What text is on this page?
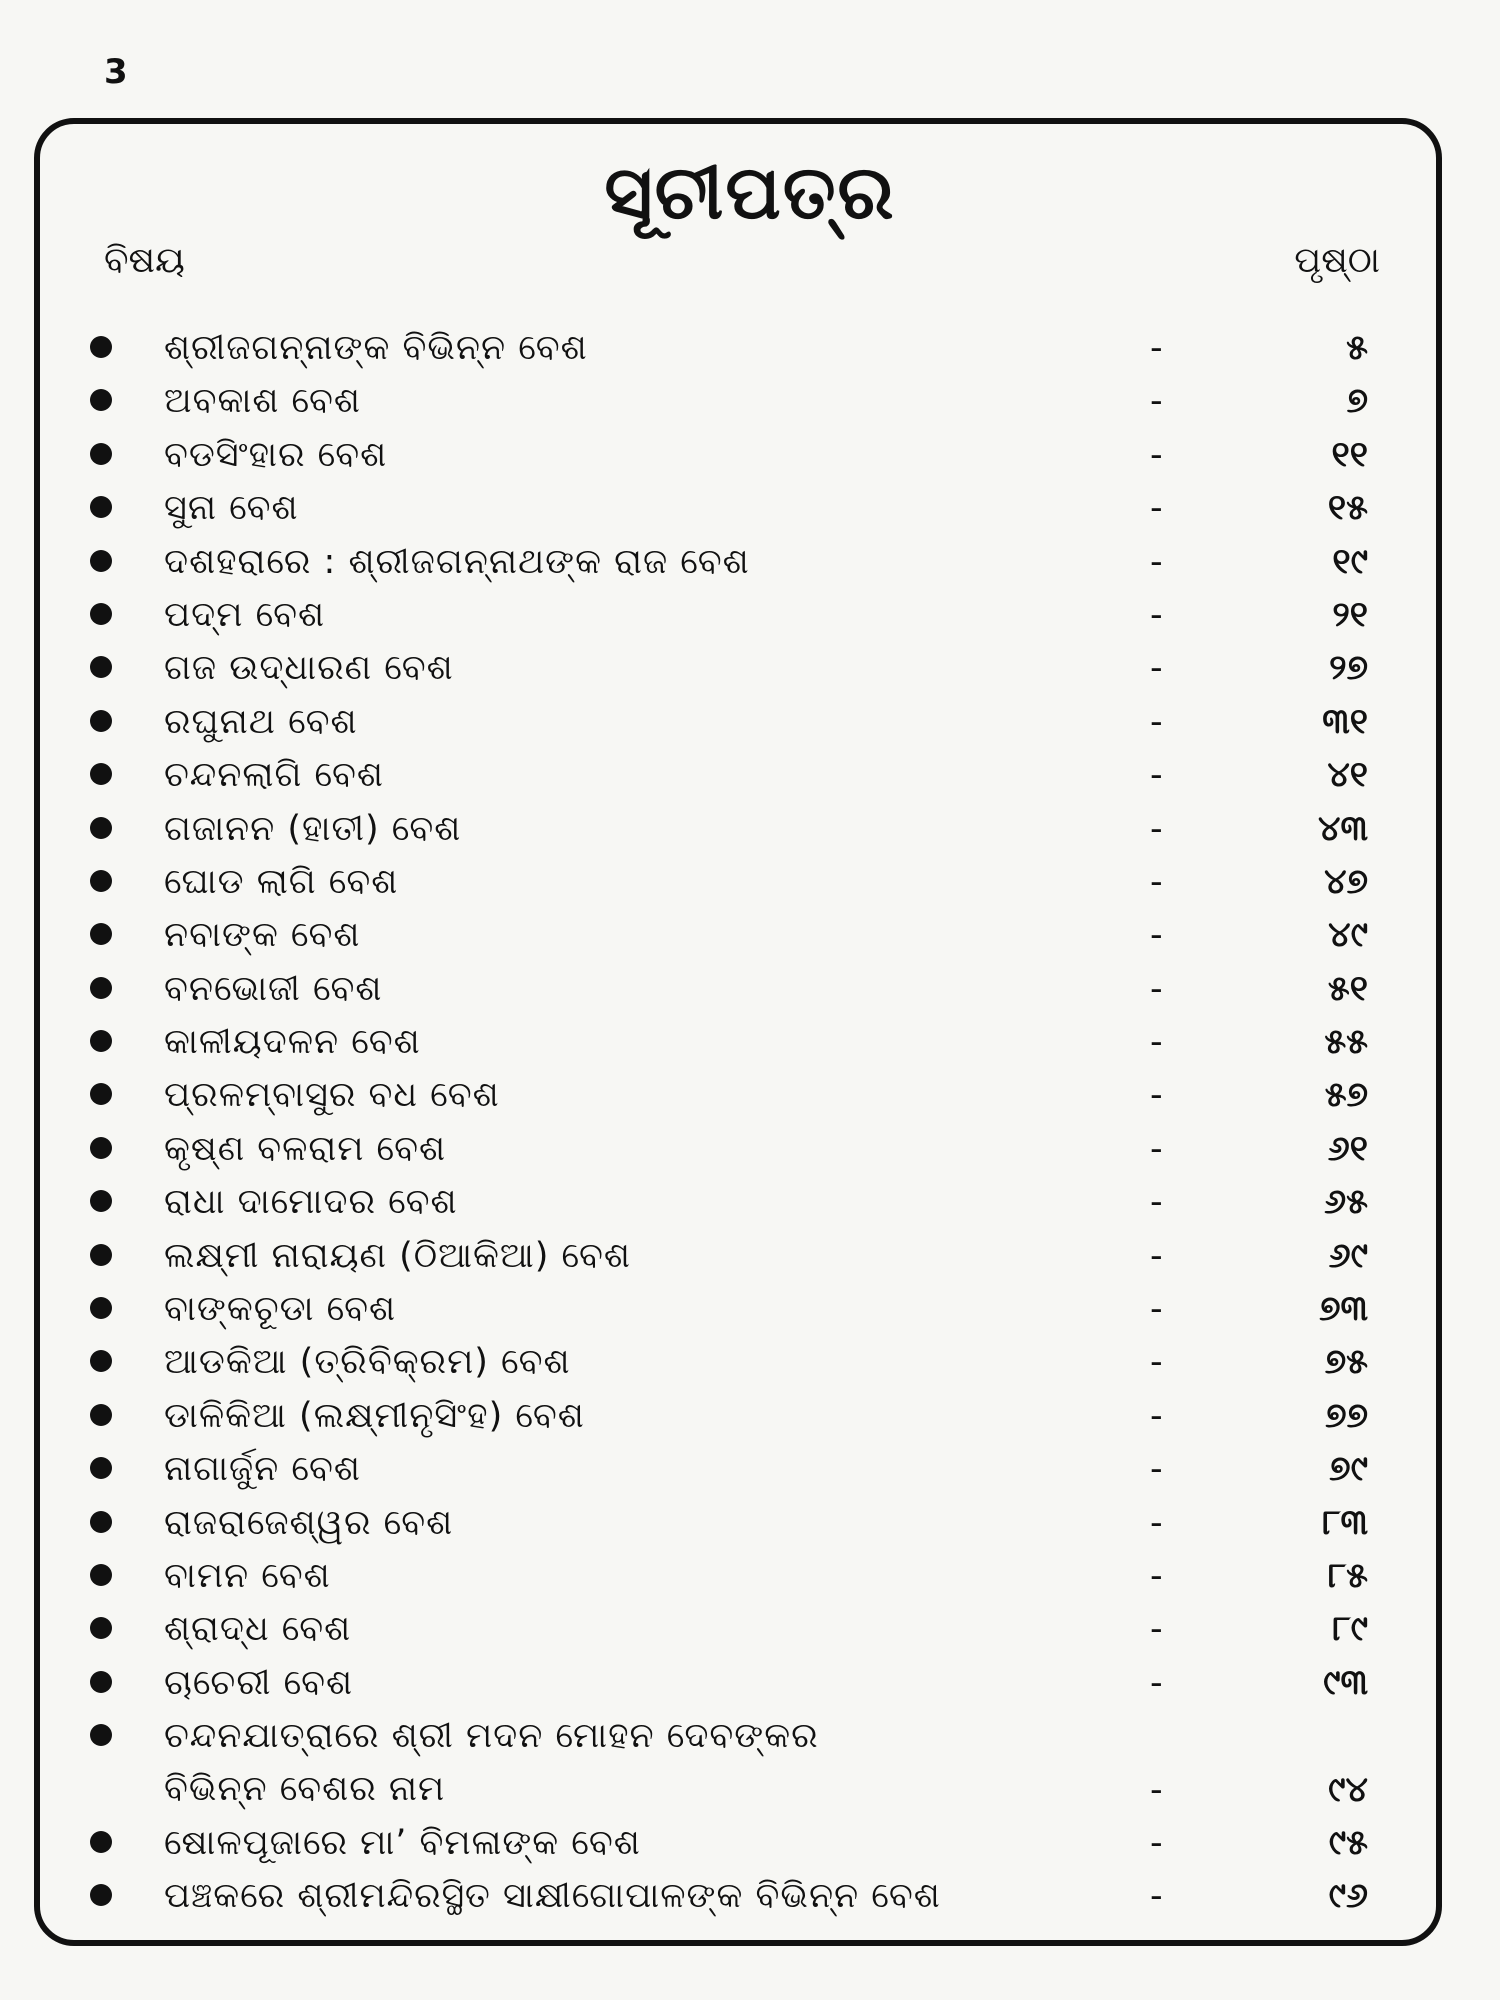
3
ସୂଚୀପତ୍ର
ବିଷୟ	ପୃଷ୍ଠା
ଶ୍ରୀଜଗନ୍ନାଙ୍କ ବିଭିନ୍ନ ବେଶ	-	୫
ଅବକାଶ ବେଶ	-	୭
ବଡସିଂହାର ବେଶ	-	୧୧
ସୁନା ବେଶ	-	୧୫
ଦଶହରାରେ : ଶ୍ରୀଜଗନ୍ନାଥଙ୍କ ରାଜ ବେଶ	-	୧୯
ପଦ୍ମ ବେଶ	-	୨୧
ଗଜ ଉଦ୍ଧାରଣ ବେଶ	-	୨୭
ରଘୁନାଥ ବେଶ	-	୩୧
ଚନ୍ଦନଲାଗି ବେଶ	-	୪୧
ଗଜାନନ (ହାତୀ) ବେଶ	-	୪୩
ଘୋଡ ଲାଗି ବେଶ	-	୪୭
ନବାଙ୍କ ବେଶ	-	୪୯
ବନଭୋଜୀ ବେଶ	-	୫୧
କାଳୀୟଦଳନ ବେଶ	-	୫୫
ପ୍ରଳମ୍ବାସୁର ବଧ ବେଶ	-	୫୭
କୃଷ୍ଣ ବଳରାମ ବେଶ	-	୬୧
ରାଧା ଦାମୋଦର ବେଶ	-	୬୫
ଲକ୍ଷ୍ମୀ ନାରାୟଣ (ଠିଆକିଆ) ବେଶ	-	୬୯
ବାଙ୍କଚୂଡା ବେଶ	-	୭୩
ଆଡକିଆ (ତ୍ରିବିକ୍ରମ) ବେଶ	-	୭୫
ଡାଳିକିଆ (ଲକ୍ଷ୍ମୀନୃସିଂହ) ବେଶ	-	୭୭
ନାଗାର୍ଜୁନ ବେଶ	-	୭୯
ରାଜରାଜେଶ୍ୱର ବେଶ	-	୮୩
ବାମନ ବେଶ	-	୮୫
ଶ୍ରାଦ୍ଧ ବେଶ	-	୮୯
ଚାଚେରୀ ବେଶ	-	୯୩
ଚନ୍ଦନଯାତ୍ରାରେ ଶ୍ରୀ ମଦନ ମୋହନ ଦେବଙ୍କର
ବିଭିନ୍ନ ବେଶର ନାମ	-	୯୪
ଷୋଳପୂଜାରେ ମା’ ବିମଳାଙ୍କ ବେଶ	-	୯୫
ପଞ୍ଚକରେ ଶ୍ରୀମନ୍ଦିରସ୍ଥିତ ସାକ୍ଷୀଗୋପାଳଙ୍କ ବିଭିନ୍ନ ବେଶ	-	୯୬
